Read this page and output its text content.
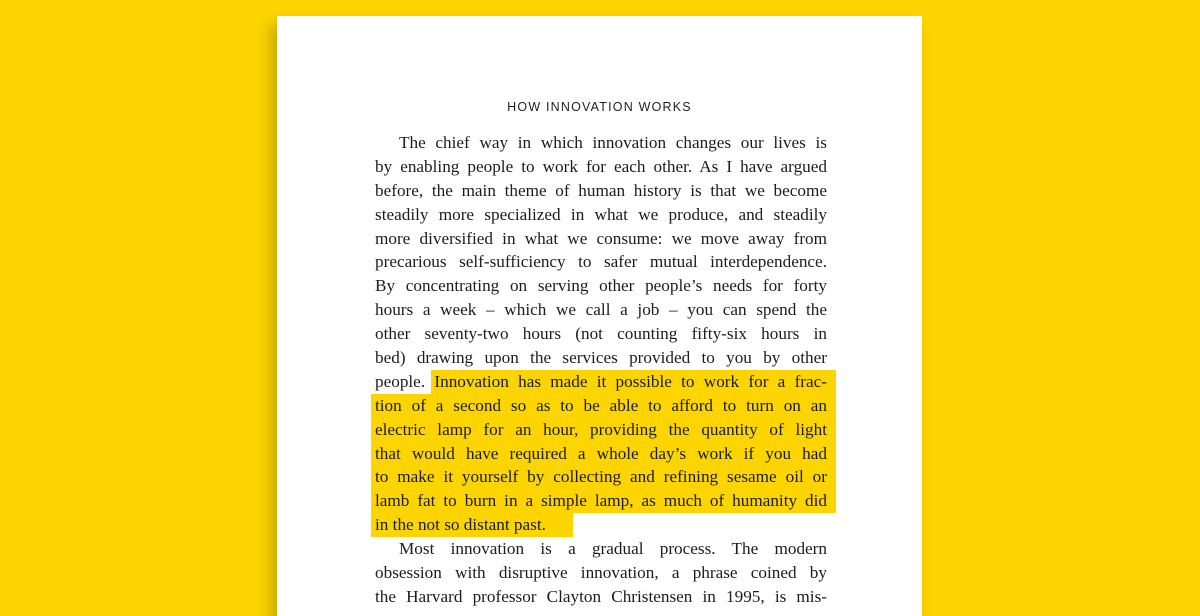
HOW INNOVATION WORKS
The chief way in which innovation changes our lives is
by enabling people to work for each other. As I have argued
before, the main theme of human history is that we become
steadily more specialized in what we produce, and steadily
more diversified in what we consume: we move away from
precarious self-sufficiency to safer mutual interdependence.
By concentrating on serving other people’s needs for forty
hours a week – which we call a job – you can spend the
other seventy-two hours (not counting fifty-six hours in
bed) drawing upon the services provided to you by other
people. Innovation has made it possible to work for a frac-
tion of a second so as to be able to afford to turn on an
electric lamp for an hour, providing the quantity of light
that would have required a whole day’s work if you had
to make it yourself by collecting and refining sesame oil or
lamb fat to burn in a simple lamp, as much of humanity did
in the not so distant past.
Most innovation is a gradual process. The modern
obsession with disruptive innovation, a phrase coined by
the Harvard professor Clayton Christensen in 1995, is mis-
